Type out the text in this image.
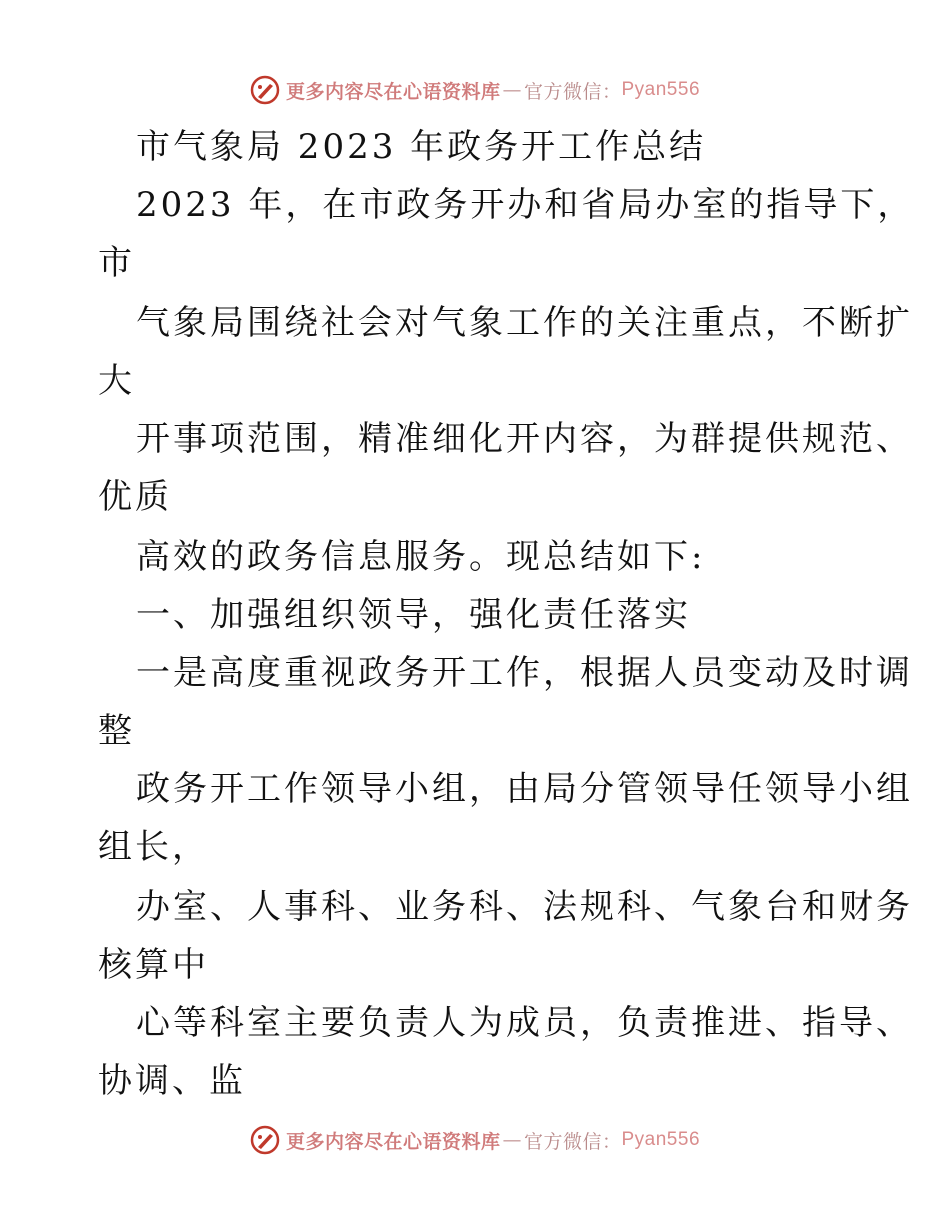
更多内容尽在心语资料库 — 官方微信： Pyan556
市气象局 2023 年政务开工作总结
2023 年，在市政务开办和省局办室的指导下，
市
气象局围绕社会对气象工作的关注重点，不断扩
大
开事项范围，精准细化开内容，为群提供规范、
优质
高效的政务信息服务。现总结如下:
一、加强组织领导，强化责任落实
一是高度重视政务开工作，根据人员变动及时调
整
政务开工作领导小组，由局分管领导任领导小组
组长，
办室、人事科、业务科、法规科、气象台和财务
核算中
心等科室主要负责人为成员，负责推进、指导、
协调、监
更多内容尽在心语资料库 — 官方微信： Pyan556
